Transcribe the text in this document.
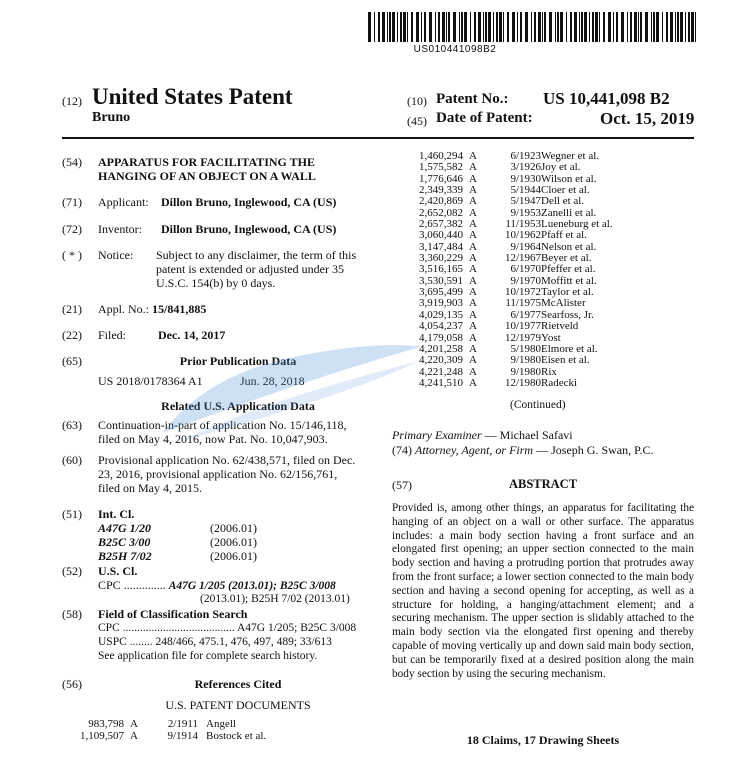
US010441098B2
(12) United States Patent
Bruno
(10) Patent No.: US 10,441,098 B2
(45) Date of Patent:	Oct. 15, 2019
(54)	APPARATUS FOR FACILITATING THE
HANGING OF AN OBJECT ON A WALL
(71)	Applicant: Dillon Bruno, Inglewood, CA (US)
(72)	Inventor: Dillon Bruno, Inglewood, CA (US)
( * )	Notice:	Subject to any disclaimer, the term of this
patent is extended or adjusted under 35
U.S.C. 154(b) by 0 days.
(21)	Appl. No.: 15/841,885
(22)	Filed:	Dec. 14, 2017
(65)	Prior Publication Data
US 2018/0178364 A1	Jun. 28, 2018
Related U.S. Application Data
(63)	Continuation-in-part of application No. 15/146,118,
filed on May 4, 2016, now Pat. No. 10,047,903.
(60)	Provisional application No. 62/438,571, filed on Dec.
23, 2016, provisional application No. 62/156,761,
filed on May 4, 2015.
(51)	Int. Cl.
A47G 1/20	(2006.01)
B25C 3/00	(2006.01)
B25H 7/02	(2006.01)
(52)	U.S. Cl.
CPC .............. A47G 1/205 (2013.01); B25C 3/008
(2013.01); B25H 7/02 (2013.01)
(58)	Field of Classification Search
CPC ....................................... A47G 1/205; B25C 3/008
USPC ........ 248/466, 475.1, 476, 497, 489; 33/613
See application file for complete search history.
(56)	References Cited
U.S. PATENT DOCUMENTS
983,798 A	2/1911 Angell
1,109,507 A	9/1914 Bostock et al.
1,460,294 A	6/1923 Wegner et al.
1,575,582 A	3/1926 Joy et al.
1,776,646 A	9/1930 Wilson et al.
2,349,339 A	5/1944 Cloer et al.
2,420,869 A	5/1947 Dell et al.
2,652,082 A	9/1953 Zanelli et al.
2,657,382 A	11/1953 Lueneburg et al.
3,060,440 A	10/1962 Pfaff et al.
3,147,484 A	9/1964 Nelson et al.
3,360,229 A	12/1967 Beyer et al.
3,516,165 A	6/1970 Pfeffer et al.
3,530,591 A	9/1970 Moffitt et al.
3,695,499 A	10/1972 Taylor et al.
3,919,903 A	11/1975 McAlister
4,029,135 A	6/1977 Searfoss, Jr.
4,054,237 A	10/1977 Rietveld
4,179,058 A	12/1979 Yost
4,201,258 A	5/1980 Elmore et al.
4,220,309 A	9/1980 Eisen et al.
4,221,248 A	9/1980 Rix
4,241,510 A	12/1980 Radecki
(Continued)
Primary Examiner — Michael Safavi
(74) Attorney, Agent, or Firm — Joseph G. Swan, P.C.
(57)	ABSTRACT
Provided is, among other things, an apparatus for facilitating the hanging of an object on a wall or other surface. The apparatus includes: a main body section having a front surface and an elongated first opening; an upper section connected to the main body section and having a protruding portion that protrudes away from the front surface; a lower section connected to the main body section and having a second opening for accepting, as well as a structure for holding, a hanging/attachment element; and a securing mechanism. The upper section is slidably attached to the main body section via the elongated first opening and thereby capable of moving vertically up and down said main body section, but can be temporarily fixed at a desired position along the main body section by using the securing mechanism.
18 Claims, 17 Drawing Sheets
